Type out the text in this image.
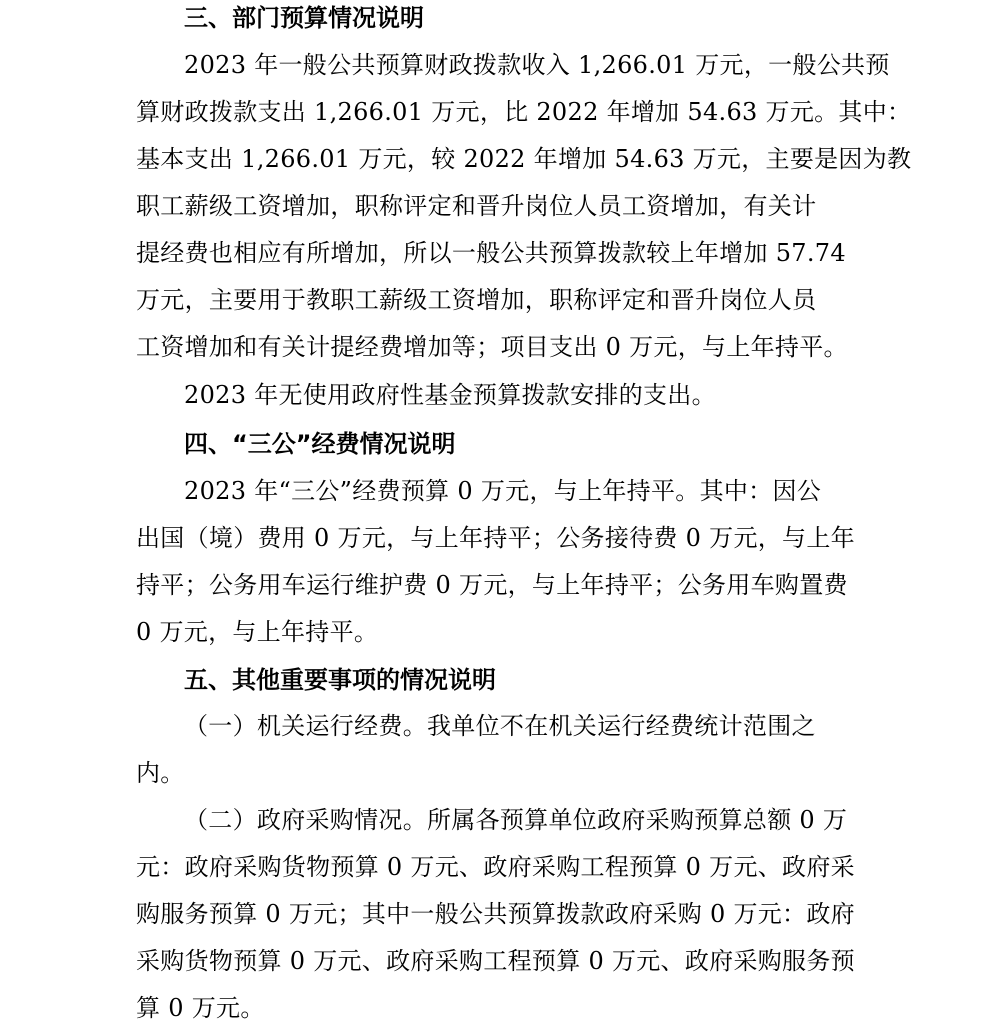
三、部门预算情况说明

2023 年一般公共预算财政拨款收入 1,266.01 万元，一般公共预
算财政拨款支出 1,266.01 万元，比 2022 年增加 54.63 万元。其中：
基本支出 1,266.01 万元，较 2022 年增加 54.63 万元，主要是因为教
职工薪级工资增加，职称评定和晋升岗位人员工资增加，有关计
提经费也相应有所增加，所以一般公共预算拨款较上年增加 57.74
万元，主要用于教职工薪级工资增加，职称评定和晋升岗位人员
工资增加和有关计提经费增加等；项目支出 0 万元，与上年持平。

2023 年无使用政府性基金预算拨款安排的支出。

四、“三公”经费情况说明

2023 年“三公”经费预算 0 万元，与上年持平。其中：因公
出国（境）费用 0 万元，与上年持平；公务接待费 0 万元，与上年
持平；公务用车运行维护费 0 万元，与上年持平；公务用车购置费
0 万元，与上年持平。

五、其他重要事项的情况说明

（一）机关运行经费。我单位不在机关运行经费统计范围之
内。

（二）政府采购情况。所属各预算单位政府采购预算总额 0 万
元：政府采购货物预算 0 万元、政府采购工程预算 0 万元、政府采
购服务预算 0 万元；其中一般公共预算拨款政府采购 0 万元：政府
采购货物预算 0 万元、政府采购工程预算 0 万元、政府采购服务预
算 0 万元。
